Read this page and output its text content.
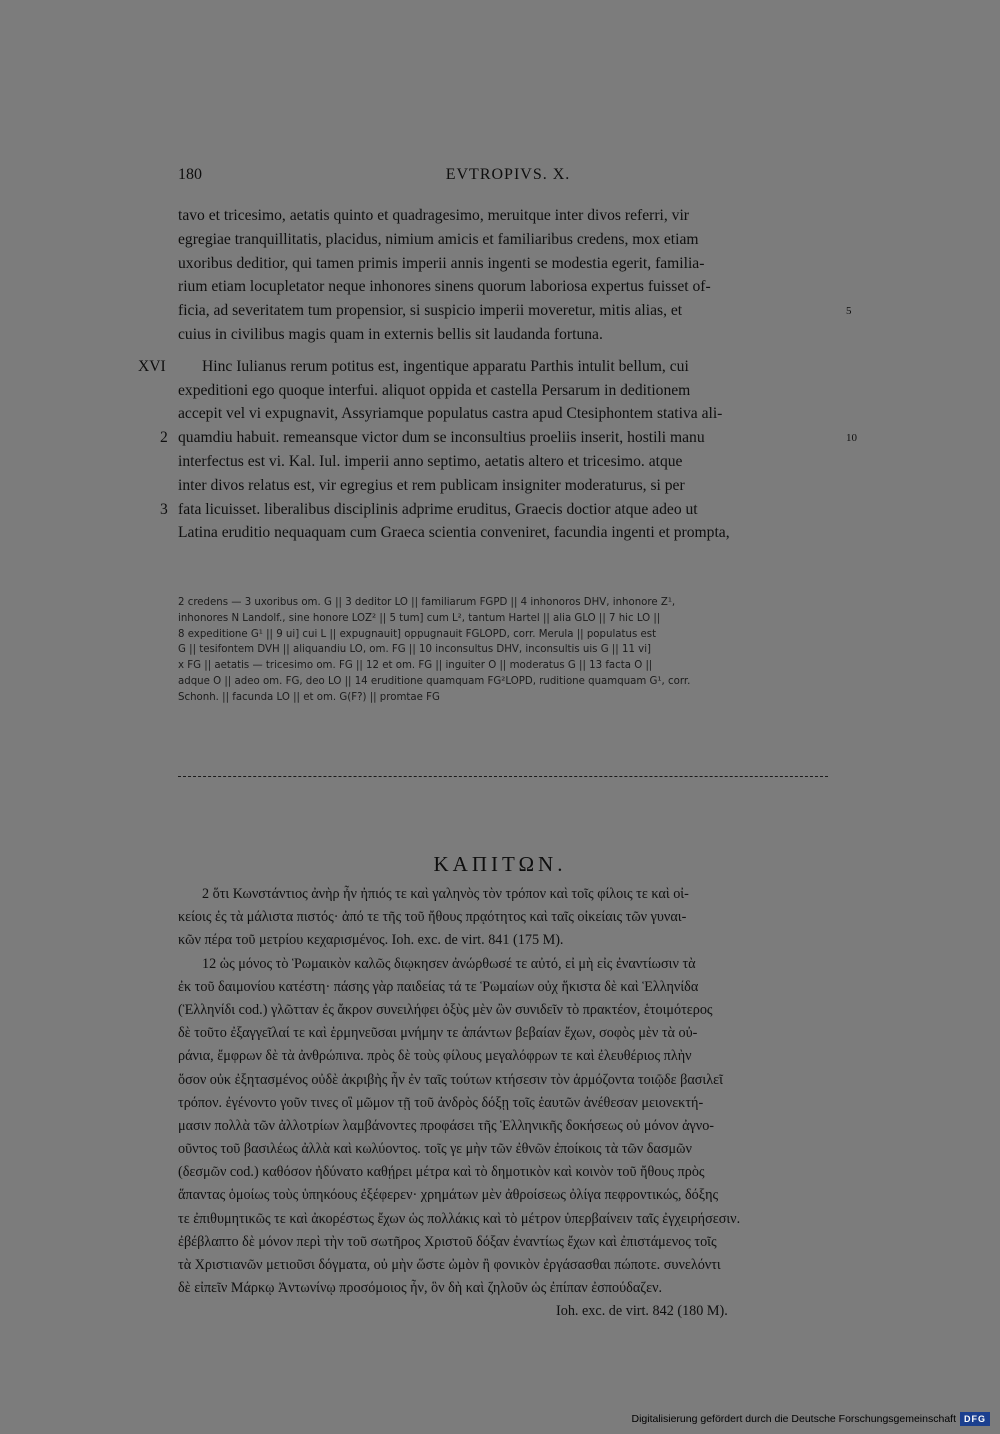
180	EVTROPIVS. X.
tavo et tricesimo, aetatis quinto et quadragesimo, meruitque inter divos referri, vir
egregiae tranquillitatis, placidus, nimium amicis et familiaribus credens, mox etiam
uxoribus deditior, qui tamen primis imperii annis ingenti se modestia egerit, familia-
rium etiam locupletator neque inhonores sinens quorum laboriosa expertus fuisset of-
ficia, ad severitatem tum propensior, si suspicio imperii moveretur, mitis alias, et	5
cuius in civilibus magis quam in externis bellis sit laudanda fortuna.
Hinc Iulianus rerum potitus est, ingentique apparatu Parthis intulit bellum, cui
XVI
expeditioni ego quoque interfui. aliquot oppida et castella Persarum in deditionem
accepit vel vi expugnavit, Assyriamque populatus castra apud Ctesiphontem stativa ali-
quamdiu habuit. remeansque victor dum se inconsultius proeliis inserit, hostili manu
2	10
interfectus est vi. Kal. Iul. imperii anno septimo, aetatis altero et tricesimo. atque
inter divos relatus est, vir egregius et rem publicam insigniter moderaturus, si per
fata licuisset. liberalibus disciplinis adprime eruditus, Graecis doctior atque adeo ut
3
Latina eruditio nequaquam cum Graeca scientia conveniret, facundia ingenti et prompta,
2 credens — 3 uxoribus om. G || 3 deditor LO || familiarum FGPD || 4 inhonoros DHV, inhonore Z¹,
inhonores N Landolf., sine honore LOZ² || 5 tum] cum L², tantum Hartel || alia GLO || 7 hic LO ||
8 expeditione G¹ || 9 ui] cui L || expugnauit] oppugnauit FGLOPD, corr. Merula || populatus est
G || tesifontem DVH || aliquandiu LO, om. FG || 10 inconsultus DHV, inconsultis uis G || 11 vi]
x FG || aetatis — tricesimo om. FG || 12 et om. FG || inguiter O || moderatus G || 13 facta O ||
adque O || adeo om. FG, deo LO || 14 eruditione quamquam FG²LOPD, ruditione quamquam G¹, corr.
Schonh. || facunda LO || et om. G(F?) || promtae FG
ΚΑΠΙΤΩΝ.
2 ὅτι Κωνστάντιος ἀνὴρ ἦν ἠπιός τε καὶ γαληνὸς τὸν τρόπον καὶ τοῖς φίλοις τε καὶ οἰ-
κείοις ἐς τὰ μάλιστα πιστός· ἀπό τε τῆς τοῦ ἤθους πρᾳότητος καὶ ταῖς οἰκείαις τῶν γυναι-
κῶν πέρα τοῦ μετρίου κεχαρισμένος. Ioh. exc. de virt. 841 (175 M).
12 ὡς μόνος τὸ Ῥωμαικὸν καλῶς διῳκησεν ἀνώρθωσέ τε αὐτό, εἰ μὴ εἰς ἐναντίωσιν τὰ
ἐκ τοῦ δαιμονίου κατέστη· πάσης γὰρ παιδείας τά τε Ῥωμαίων οὐχ ἥκιστα δὲ καὶ Ἑλληνίδα
(Ἑλληνίδι cod.) γλῶτταν ἐς ἄκρον συνειλήφει ὀξὺς μὲν ὢν συνιδεῖν τὸ πρακτέον, ἑτοιμότερος
δὲ τοῦτο ἐξαγγεῖλαί τε καὶ ἑρμηνεῦσαι μνήμην τε ἁπάντων βεβαίαν ἔχων, σοφὸς μὲν τὰ οὐ-
ράνια, ἔμφρων δὲ τὰ ἀνθρώπινα. πρὸς δὲ τοὺς φίλους μεγαλόφρων τε καὶ ἐλευθέριος πλὴν
ὅσον οὐκ ἐξητασμένος οὐδὲ ἀκριβὴς ἦν ἐν ταῖς τούτων κτήσεσιν τὸν ἁρμόζοντα τοιῷδε βασιλεῖ
τρόπον. ἐγένοντο γοῦν τινες οἳ μῶμον τῇ τοῦ ἀνδρὸς δόξῃ τοῖς ἑαυτῶν ἀνέθεσαν μειονεκτή-
μασιν πολλὰ τῶν ἀλλοτρίων λαμβάνοντες προφάσει τῆς Ἑλληνικῆς δοκήσεως οὐ μόνον ἀγνο-
οῦντος τοῦ βασιλέως ἀλλὰ καὶ κωλύοντος. τοῖς γε μὴν τῶν ἐθνῶν ἐποίκοις τὰ τῶν δασμῶν
(δεσμῶν cod.) καθόσον ἠδύνατο καθῄρει μέτρα καὶ τὸ δημοτικὸν καὶ κοινὸν τοῦ ἤθους πρὸς
ἅπαντας ὁμοίως τοὺς ὑπηκόους ἐξέφερεν· χρημάτων μὲν ἀθροίσεως ὀλίγα πεφροντικώς, δόξης
τε ἐπιθυμητικῶς τε καὶ ἀκορέστως ἔχων ὡς πολλάκις καὶ τὸ μέτρον ὑπερβαίνειν ταῖς ἐγχειρήσεσιν.
ἐβέβλαπτο δὲ μόνον περὶ τὴν τοῦ σωτῆρος Χριστοῦ δόξαν ἐναντίως ἔχων καὶ ἐπιστάμενος τοῖς
τὰ Χριστιανῶν μετιοῦσι δόγματα, οὐ μὴν ὥστε ὠμὸν ἢ φονικὸν ἐργάσασθαι πώποτε. συνελόντι
δὲ εἰπεῖν Μάρκῳ Ἀντωνίνῳ προσόμοιος ἦν, ὃν δὴ καὶ ζηλοῦν ὡς ἐπίπαν ἐσπούδαζεν.
Ioh. exc. de virt. 842 (180 M).
Digitalisierung gefördert durch die Deutsche Forschungsgemeinschaft DFG
